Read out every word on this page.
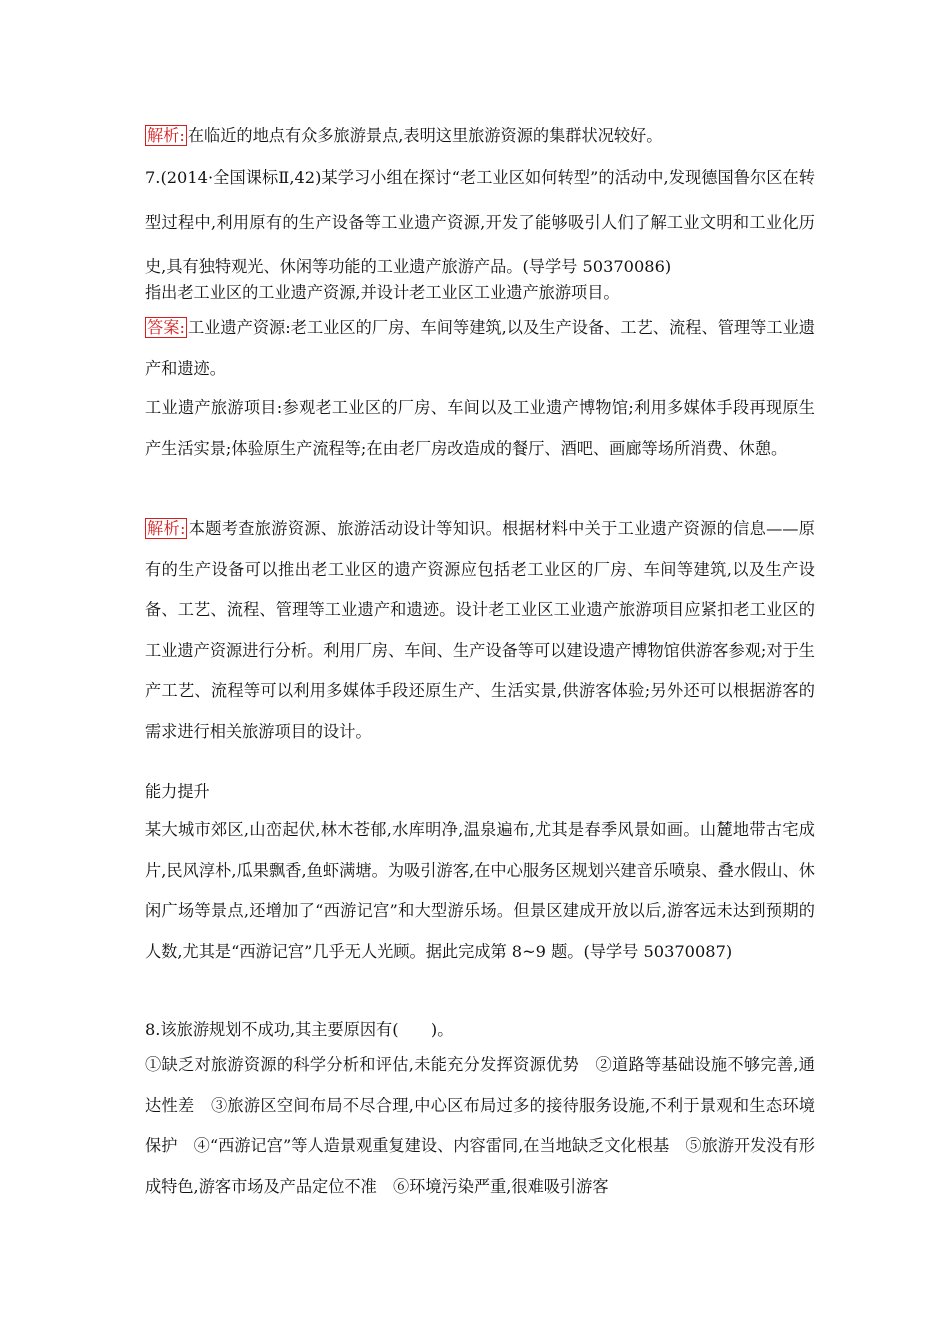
解析: 在临近的地点有众多旅游景点,表明这里旅游资源的集群状况较好。
7.(2014·全国课标Ⅱ,42)某学习小组在探讨“老工业区如何转型”的活动中,发现德国鲁尔区在转型过程中,利用原有的生产设备等工业遗产资源,开发了能够吸引人们了解工业文明和工业化历史,具有独特观光、休闲等功能的工业遗产旅游产品。(导学号 50370086)
指出老工业区的工业遗产资源,并设计老工业区工业遗产旅游项目。
答案: 工业遗产资源:老工业区的厂房、车间等建筑,以及生产设备、工艺、流程、管理等工业遗产和遗迹。
工业遗产旅游项目:参观老工业区的厂房、车间以及工业遗产博物馆;利用多媒体手段再现原生产生活实景;体验原生产流程等;在由老厂房改造成的餐厅、酒吧、画廊等场所消费、休憩。
解析: 本题考查旅游资源、旅游活动设计等知识。根据材料中关于工业遗产资源的信息——原有的生产设备可以推出老工业区的遗产资源应包括老工业区的厂房、车间等建筑,以及生产设备、工艺、流程、管理等工业遗产和遗迹。设计老工业区工业遗产旅游项目应紧扣老工业区的工业遗产资源进行分析。利用厂房、车间、生产设备等可以建设遗产博物馆供游客参观;对于生产工艺、流程等可以利用多媒体手段还原生产、生活实景,供游客体验;另外还可以根据游客的需求进行相关旅游项目的设计。
能力提升
某大城市郊区,山峦起伏,林木苍郁,水库明净,温泉遍布,尤其是春季风景如画。山麓地带古宅成片,民风淳朴,瓜果飘香,鱼虾满塘。为吸引游客,在中心服务区规划兴建音乐喷泉、叠水假山、休闲广场等景点,还增加了“西游记宫”和大型游乐场。但景区建成开放以后,游客远未达到预期的人数,尤其是“西游记宫”几乎无人光顾。据此完成第 8~9 题。(导学号 50370087)
8.该旅游规划不成功,其主要原因有(　　)。
①缺乏对旅游资源的科学分析和评估,未能充分发挥资源优势　②道路等基础设施不够完善,通达性差　③旅游区空间布局不尽合理,中心区布局过多的接待服务设施,不利于景观和生态环境保护　④“西游记宫”等人造景观重复建设、内容雷同,在当地缺乏文化根基　⑤旅游开发没有形成特色,游客市场及产品定位不准　⑥环境污染严重,很难吸引游客
